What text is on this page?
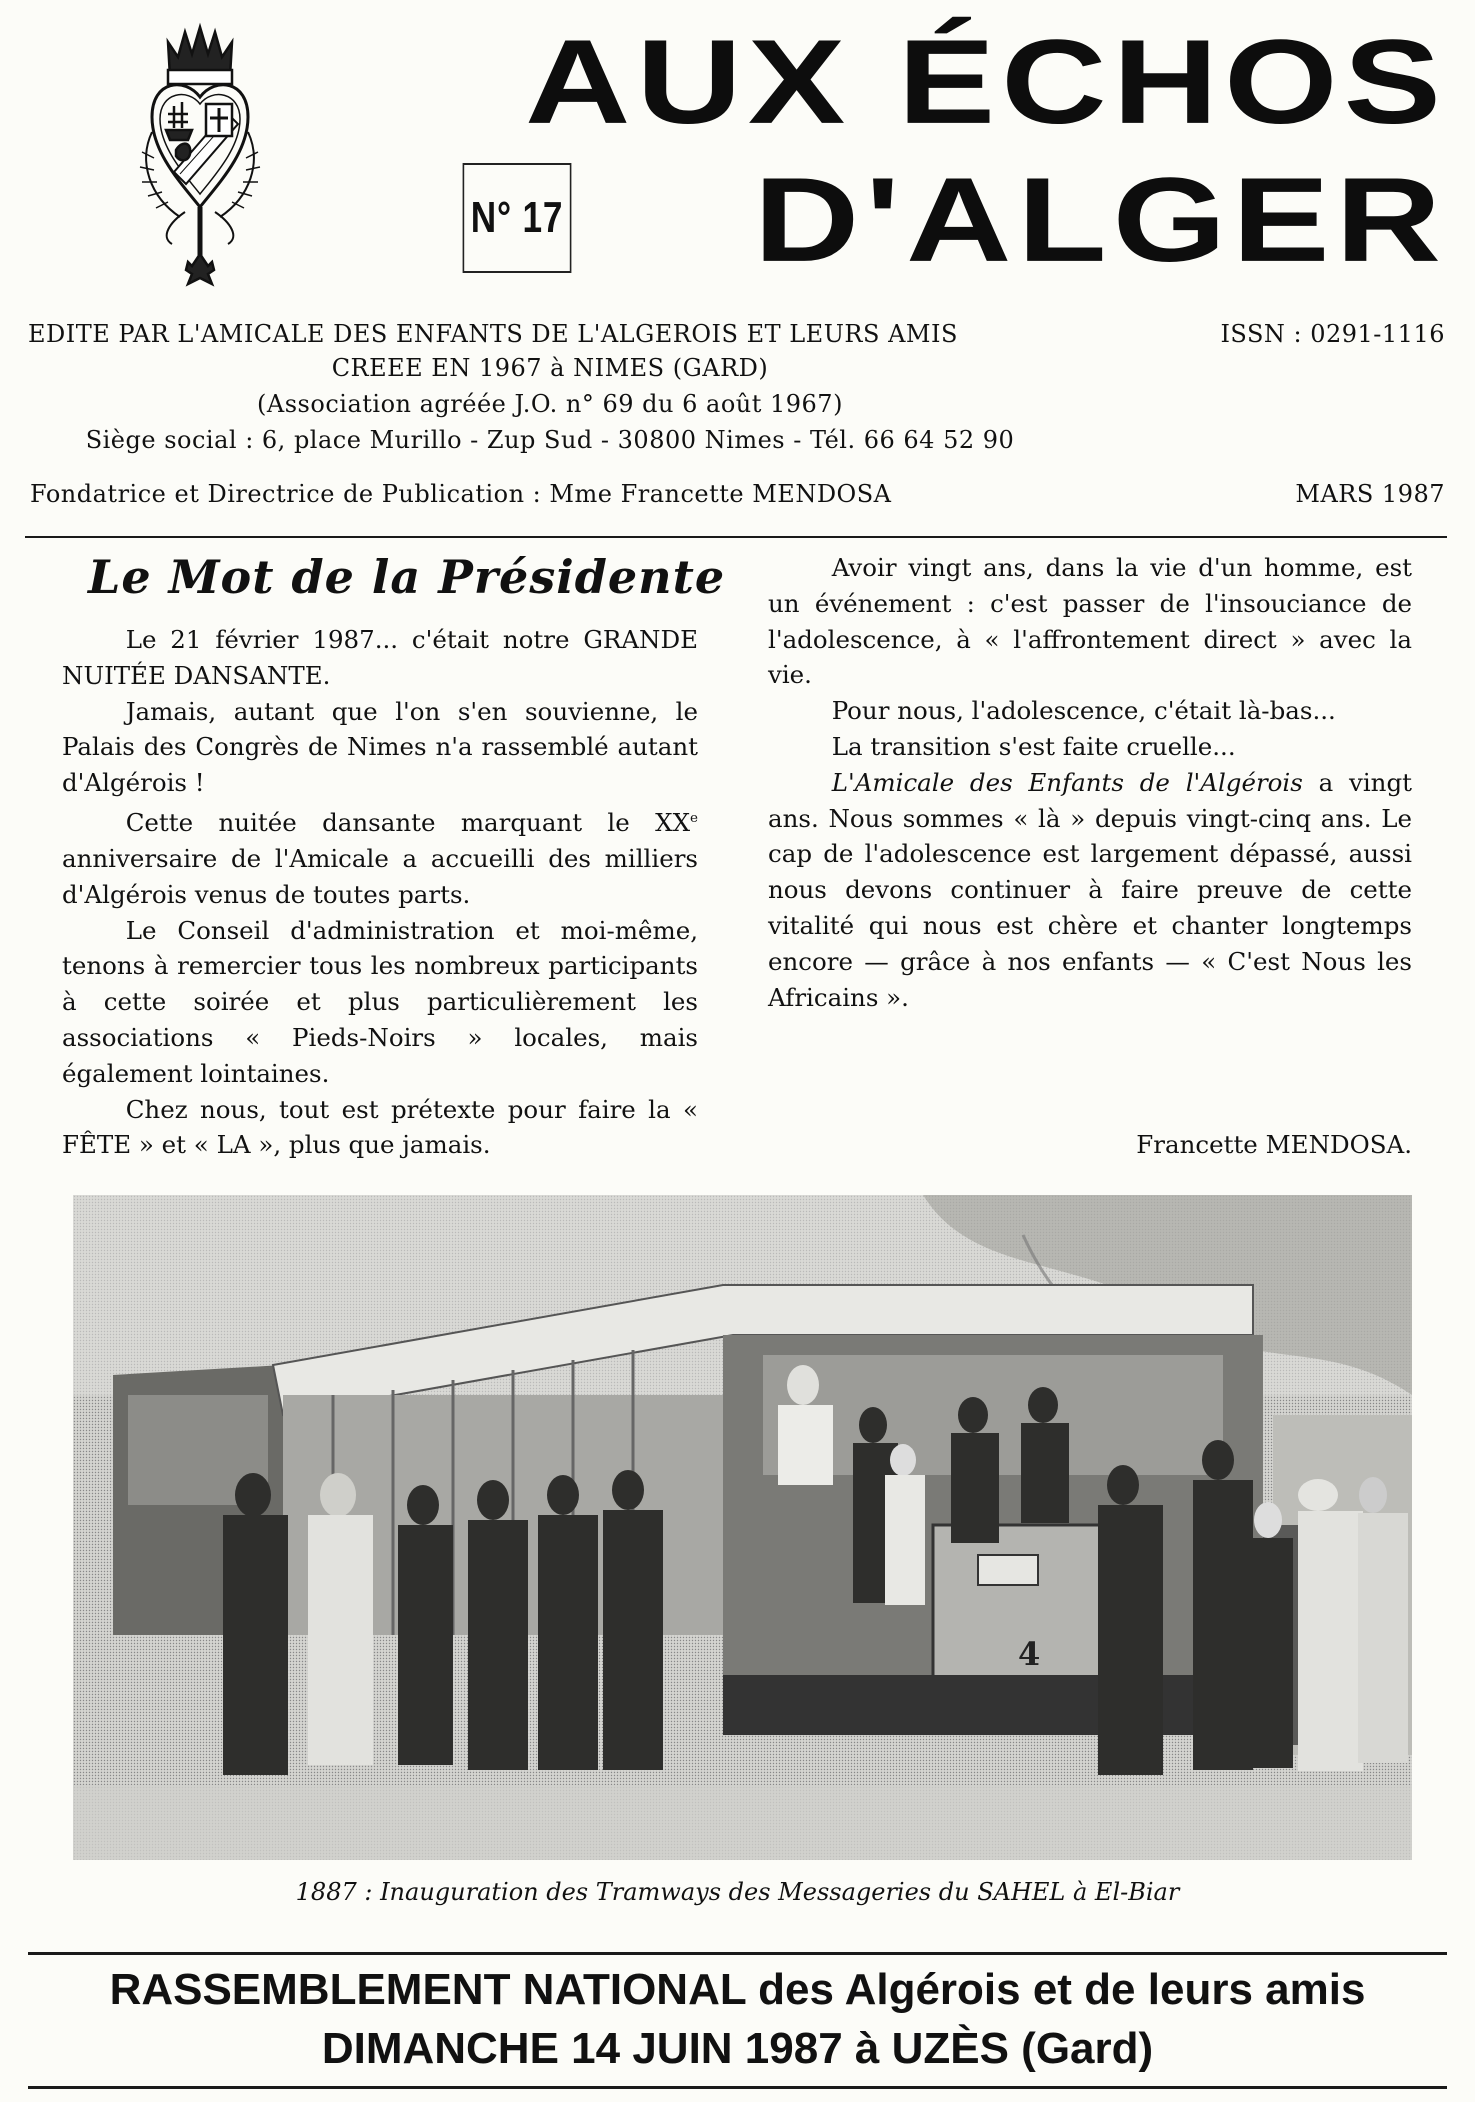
N° 17
AUX ÉCHOS
D'ALGER
EDITE PAR L'AMICALE DES ENFANTS DE L'ALGEROIS ET LEURS AMIS	ISSN : 0291-1116
CREEE EN 1967 à NIMES (GARD)
(Association agréée J.O. n° 69 du 6 août 1967)
Siège social : 6, place Murillo - Zup Sud - 30800 Nimes - Tél. 66 64 52 90
Fondatrice et Directrice de Publication : Mme Francette MENDOSA	MARS 1987
Le Mot de la Présidente

Le 21 février 1987... c'était notre GRANDE NUITÉE DANSANTE.

Jamais, autant que l'on s'en souvienne, le Palais des Congrès de Nimes n'a rassemblé autant d'Algérois !

Cette nuitée dansante marquant le XXe anniversaire de l'Amicale a accueilli des milliers d'Algérois venus de toutes parts.

Le Conseil d'administration et moi-même, tenons à remercier tous les nombreux participants à cette soirée et plus particulièrement les associations « Pieds-Noirs » locales, mais également lointaines.

Chez nous, tout est prétexte pour faire la « FÊTE » et « LA », plus que jamais.

Avoir vingt ans, dans la vie d'un homme, est un événement : c'est passer de l'insouciance de l'adolescence, à « l'affrontement direct » avec la vie.

Pour nous, l'adolescence, c'était là-bas...

La transition s'est faite cruelle...

L'Amicale des Enfants de l'Algérois a vingt ans. Nous sommes « là » depuis vingt-cinq ans. Le cap de l'adolescence est largement dépassé, aussi nous devons continuer à faire preuve de cette vitalité qui nous est chère et chanter longtemps encore — grâce à nos enfants — « C'est Nous les Africains ».

Francette MENDOSA.
4
1887 : Inauguration des Tramways des Messageries du SAHEL à El-Biar
RASSEMBLEMENT NATIONAL des Algérois et de leurs amis
DIMANCHE 14 JUIN 1987 à UZÈS (Gard)
